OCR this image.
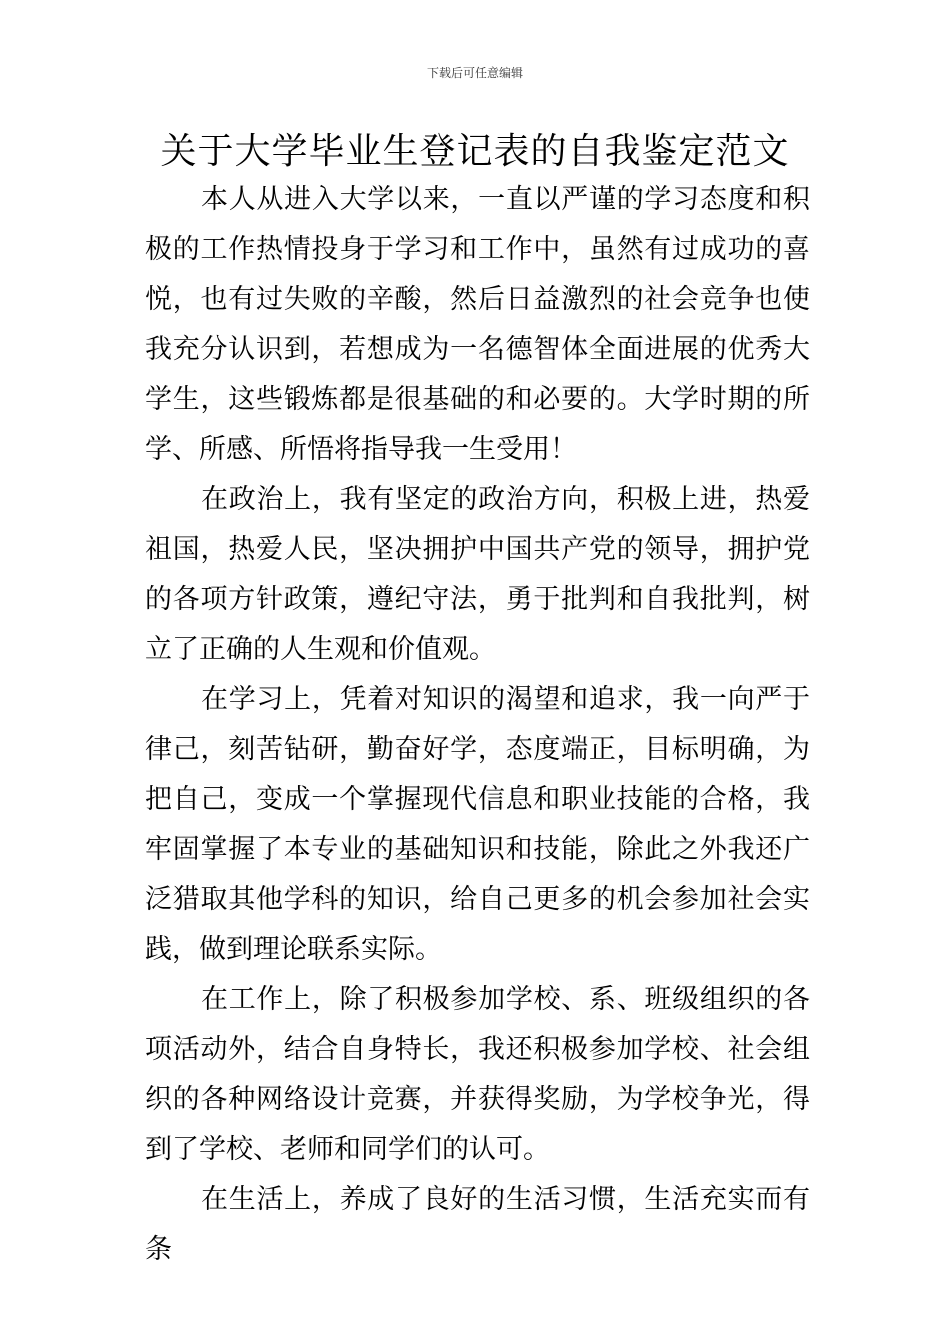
下载后可任意编辑
关于大学毕业生登记表的自我鉴定范文

本人从进入大学以来，一直以严谨的学习态度和积极的工作热情投身于学习和工作中，虽然有过成功的喜悦，也有过失败的辛酸，然后日益激烈的社会竞争也使我充分认识到，若想成为一名德智体全面进展的优秀大学生，这些锻炼都是很基础的和必要的。大学时期的所学、所感、所悟将指导我一生受用！

在政治上，我有坚定的政治方向，积极上进，热爱祖国，热爱人民，坚决拥护中国共产党的领导，拥护党的各项方针政策，遵纪守法，勇于批判和自我批判，树立了正确的人生观和价值观。

在学习上，凭着对知识的渴望和追求，我一向严于律己，刻苦钻研，勤奋好学，态度端正，目标明确，为把自己，变成一个掌握现代信息和职业技能的合格，我牢固掌握了本专业的基础知识和技能，除此之外我还广泛猎取其他学科的知识，给自己更多的机会参加社会实践，做到理论联系实际。

在工作上，除了积极参加学校、系、班级组织的各项活动外，结合自身特长，我还积极参加学校、社会组织的各种网络设计竞赛，并获得奖励，为学校争光，得到了学校、老师和同学们的认可。

在生活上，养成了良好的生活习惯，生活充实而有条
